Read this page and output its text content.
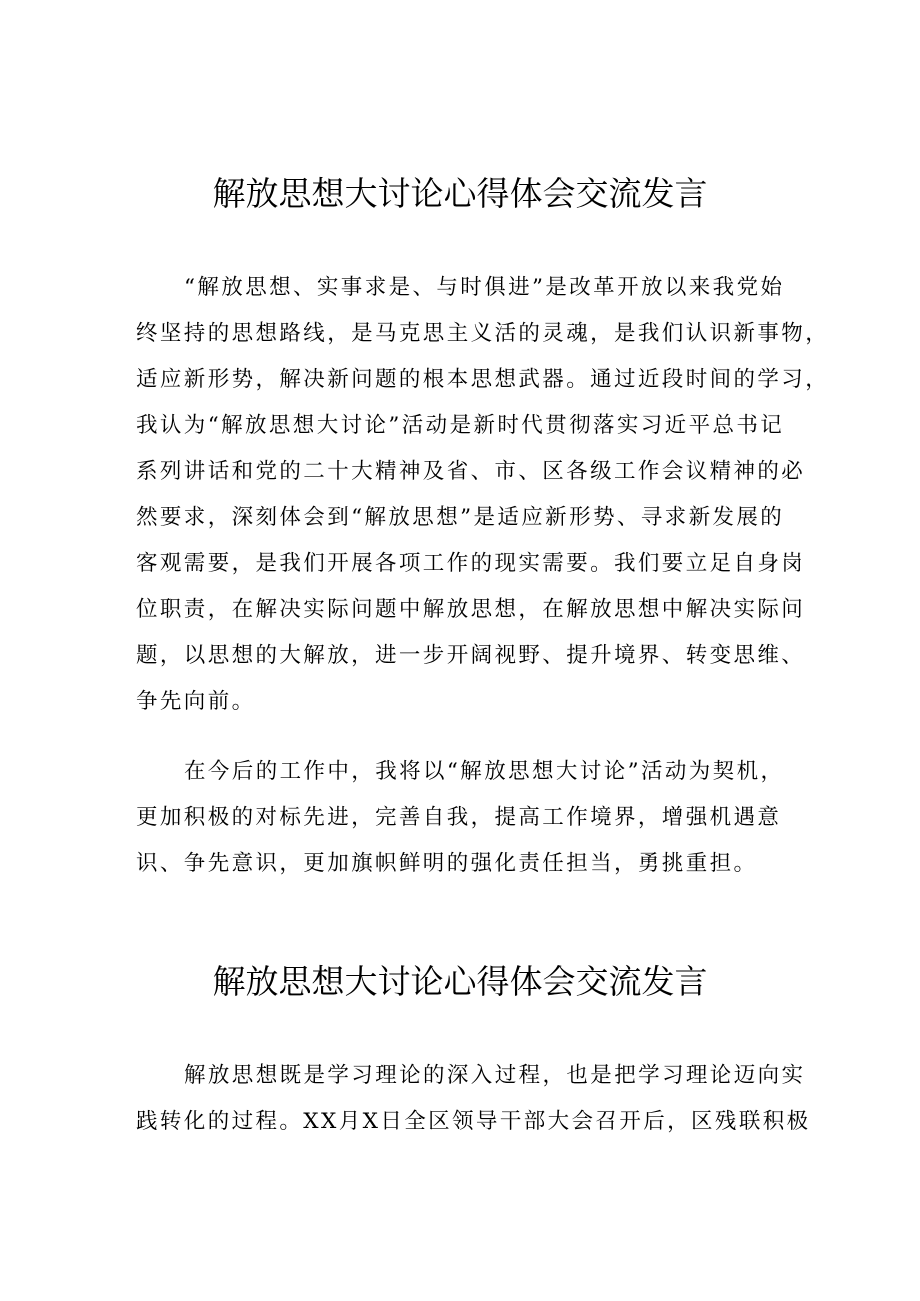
解放思想大讨论心得体会交流发言
“解放思想、实事求是、与时俱进”是改革开放以来我党始
终坚持的思想路线，是马克思主义活的灵魂，是我们认识新事物，
适应新形势，解决新问题的根本思想武器。通过近段时间的学习，
我认为“解放思想大讨论”活动是新时代贯彻落实习近平总书记
系列讲话和党的二十大精神及省、市、区各级工作会议精神的必
然要求，深刻体会到“解放思想”是适应新形势、寻求新发展的
客观需要，是我们开展各项工作的现实需要。我们要立足自身岗
位职责，在解决实际问题中解放思想，在解放思想中解决实际问
题，以思想的大解放，进一步开阔视野、提升境界、转变思维、
争先向前。
在今后的工作中，我将以“解放思想大讨论”活动为契机，
更加积极的对标先进，完善自我，提高工作境界，增强机遇意
识、争先意识，更加旗帜鲜明的强化责任担当，勇挑重担。
解放思想大讨论心得体会交流发言
解放思想既是学习理论的深入过程，也是把学习理论迈向实
践转化的过程。XX月X日全区领导干部大会召开后，区残联积极
